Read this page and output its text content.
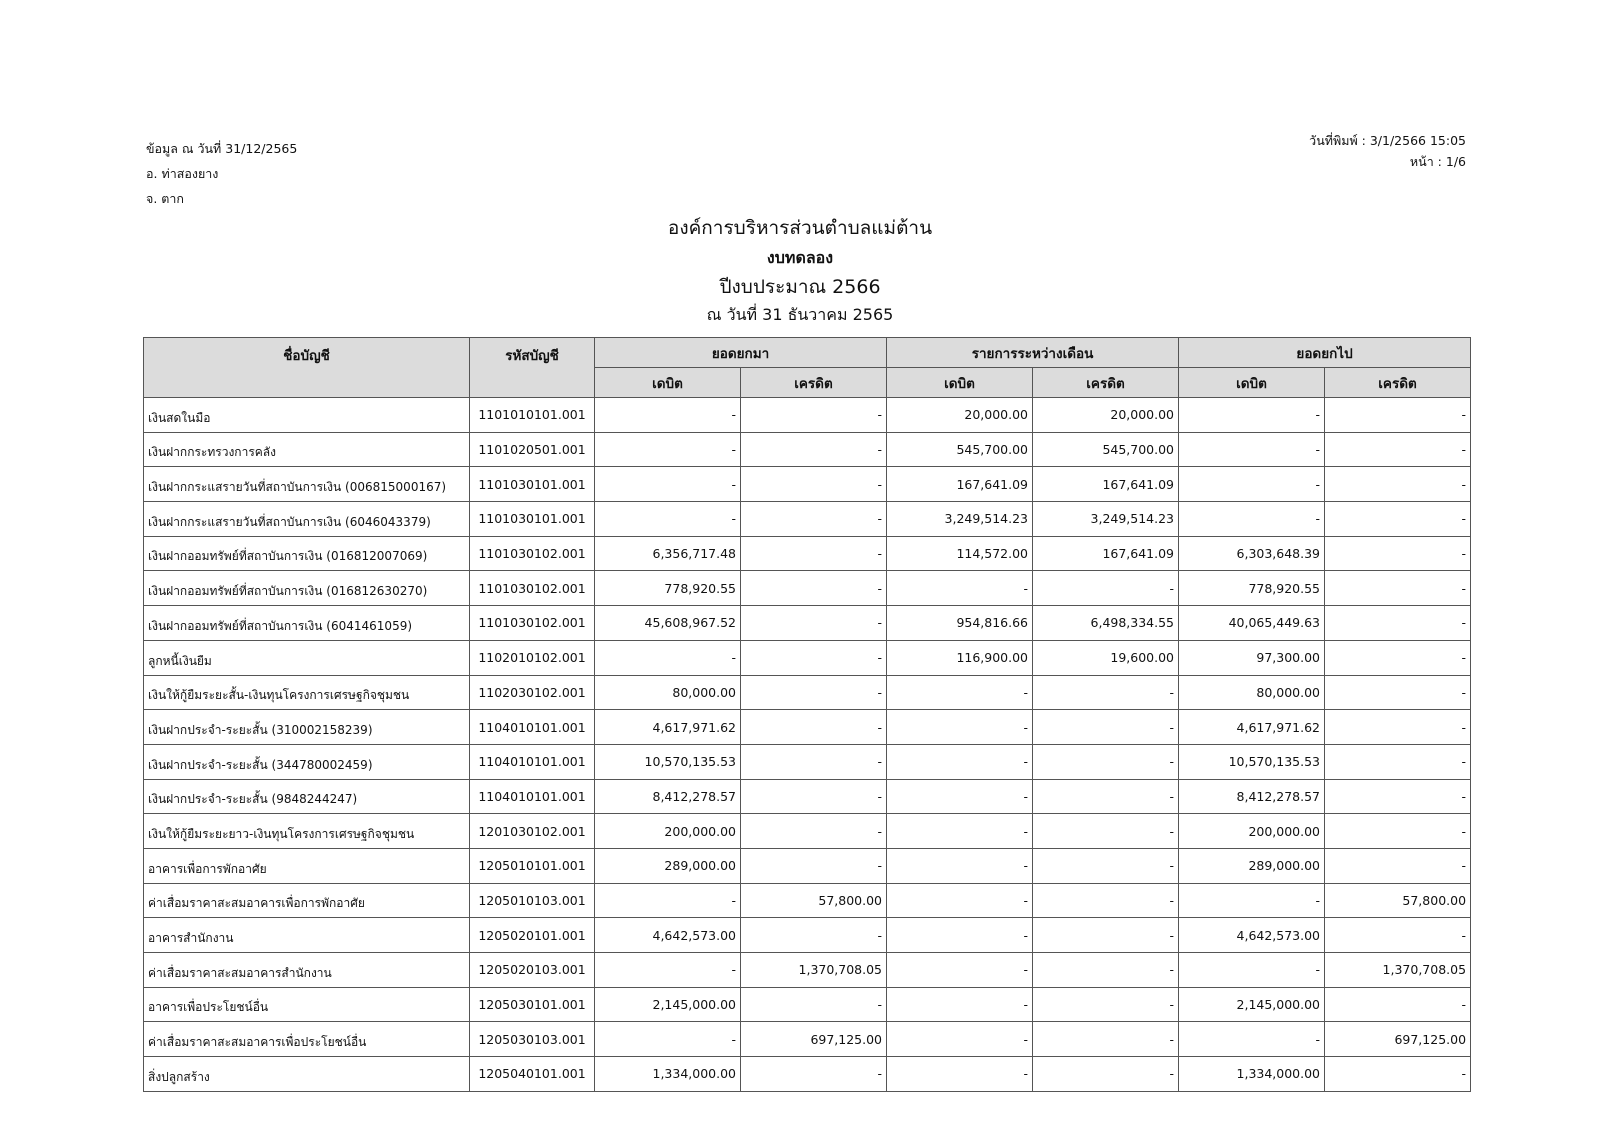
ข้อมูล ณ วันที่ 31/12/2565
อ. ท่าสองยาง
จ. ตาก
วันที่พิมพ์ : 3/1/2566 15:05
หน้า : 1/6
องค์การบริหารส่วนตำบลแม่ต้าน
งบทดลอง
ปีงบประมาณ 2566
ณ วันที่ 31 ธันวาคม 2565
ชื่อบัญชี	รหัสบัญชี	ยอดยกมา		รายการระหว่างเดือน		ยอดยกไป	
		เดบิต	เครดิต	เดบิต	เครดิต	เดบิต	เครดิต
เงินสดในมือ	1101010101.001	-	-	20,000.00	20,000.00	-	-
เงินฝากกระทรวงการคลัง	1101020501.001	-	-	545,700.00	545,700.00	-	-
เงินฝากกระแสรายวันที่สถาบันการเงิน (006815000167)	1101030101.001	-	-	167,641.09	167,641.09	-	-
เงินฝากกระแสรายวันที่สถาบันการเงิน (6046043379)	1101030101.001	-	-	3,249,514.23	3,249,514.23	-	-
เงินฝากออมทรัพย์ที่สถาบันการเงิน (016812007069)	1101030102.001	6,356,717.48	-	114,572.00	167,641.09	6,303,648.39	-
เงินฝากออมทรัพย์ที่สถาบันการเงิน (016812630270)	1101030102.001	778,920.55	-	-	-	778,920.55	-
เงินฝากออมทรัพย์ที่สถาบันการเงิน (6041461059)	1101030102.001	45,608,967.52	-	954,816.66	6,498,334.55	40,065,449.63	-
ลูกหนี้เงินยืม	1102010102.001	-	-	116,900.00	19,600.00	97,300.00	-
เงินให้กู้ยืมระยะสั้น-เงินทุนโครงการเศรษฐกิจชุมชน	1102030102.001	80,000.00	-	-	-	80,000.00	-
เงินฝากประจำ-ระยะสั้น (310002158239)	1104010101.001	4,617,971.62	-	-	-	4,617,971.62	-
เงินฝากประจำ-ระยะสั้น (344780002459)	1104010101.001	10,570,135.53	-	-	-	10,570,135.53	-
เงินฝากประจำ-ระยะสั้น (9848244247)	1104010101.001	8,412,278.57	-	-	-	8,412,278.57	-
เงินให้กู้ยืมระยะยาว-เงินทุนโครงการเศรษฐกิจชุมชน	1201030102.001	200,000.00	-	-	-	200,000.00	-
อาคารเพื่อการพักอาศัย	1205010101.001	289,000.00	-	-	-	289,000.00	-
ค่าเสื่อมราคาสะสมอาคารเพื่อการพักอาศัย	1205010103.001	-	57,800.00	-	-	-	57,800.00
อาคารสำนักงาน	1205020101.001	4,642,573.00	-	-	-	4,642,573.00	-
ค่าเสื่อมราคาสะสมอาคารสำนักงาน	1205020103.001	-	1,370,708.05	-	-	-	1,370,708.05
อาคารเพื่อประโยชน์อื่น	1205030101.001	2,145,000.00	-	-	-	2,145,000.00	-
ค่าเสื่อมราคาสะสมอาคารเพื่อประโยชน์อื่น	1205030103.001	-	697,125.00	-	-	-	697,125.00
สิ่งปลูกสร้าง	1205040101.001	1,334,000.00	-	-	-	1,334,000.00	-
